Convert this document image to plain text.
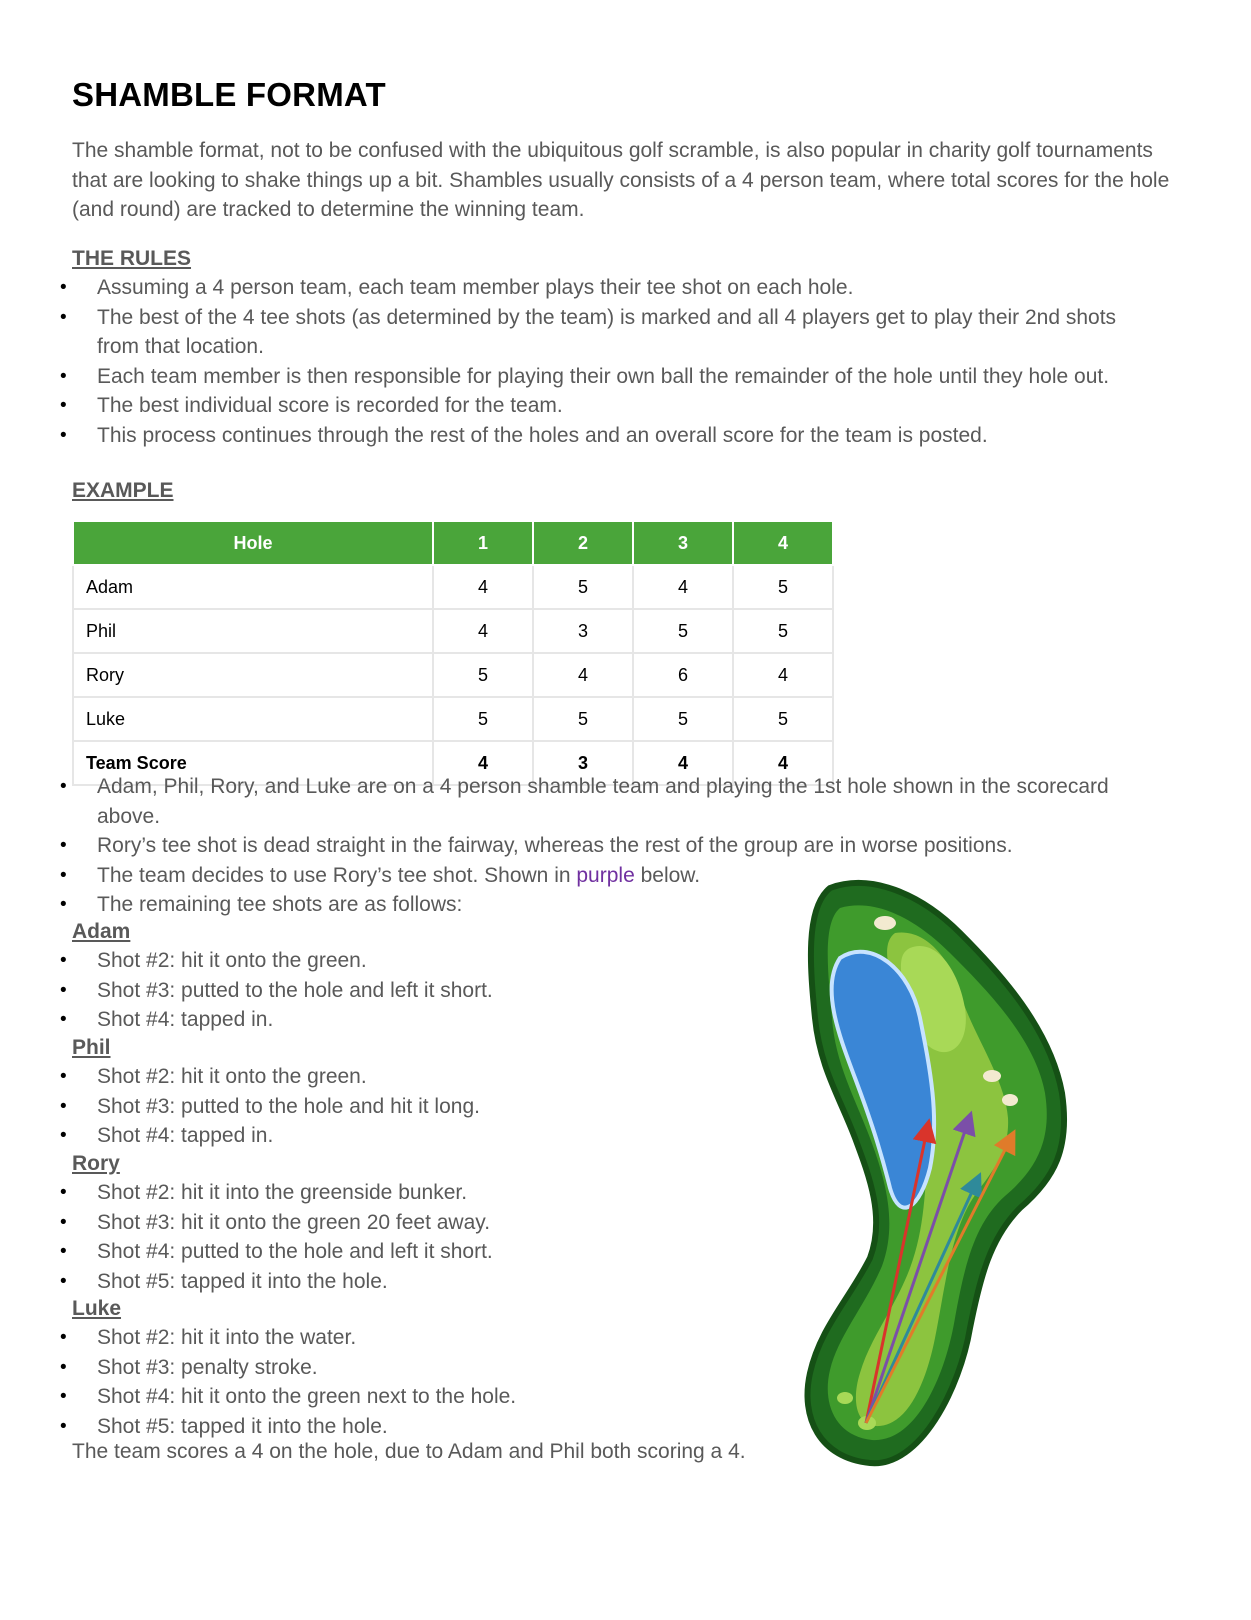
SHAMBLE FORMAT

The shamble format, not to be confused with the ubiquitous golf scramble, is also popular in charity golf tournaments that are looking to shake things up a bit. Shambles usually consists of a 4 person team, where total scores for the hole (and round) are tracked to determine the winning team.

THE RULES

• Assuming a 4 person team, each team member plays their tee shot on each hole.
• The best of the 4 tee shots (as determined by the team) is marked and all 4 players get to play their 2nd shots from that location.
• Each team member is then responsible for playing their own ball the remainder of the hole until they hole out.
• The best individual score is recorded for the team.
• This process continues through the rest of the holes and an overall score for the team is posted.

EXAMPLE

Hole	1	2	3	4
Adam	4	5	4	5
Phil	4	3	5	5
Rory	5	4	6	4
Luke	5	5	5	5
Team Score	4	3	4	4
• Adam, Phil, Rory, and Luke are on a 4 person shamble team and playing the 1st hole shown in the scorecard above.
• Rory’s tee shot is dead straight in the fairway, whereas the rest of the group are in worse positions.
• The team decides to use Rory’s tee shot. Shown in purple below.
• The remaining tee shots are as follows:

Adam

• Shot #2: hit it onto the green.
• Shot #3: putted to the hole and left it short.
• Shot #4: tapped in.

Phil

• Shot #2: hit it onto the green.
• Shot #3: putted to the hole and hit it long.
• Shot #4: tapped in.

Rory

• Shot #2: hit it into the greenside bunker.
• Shot #3: hit it onto the green 20 feet away.
• Shot #4: putted to the hole and left it short.
• Shot #5: tapped it into the hole.

Luke

• Shot #2: hit it into the water.
• Shot #3: penalty stroke.
• Shot #4: hit it onto the green next to the hole.
• Shot #5: tapped it into the hole.

The team scores a 4 on the hole, due to Adam and Phil both scoring a 4.
